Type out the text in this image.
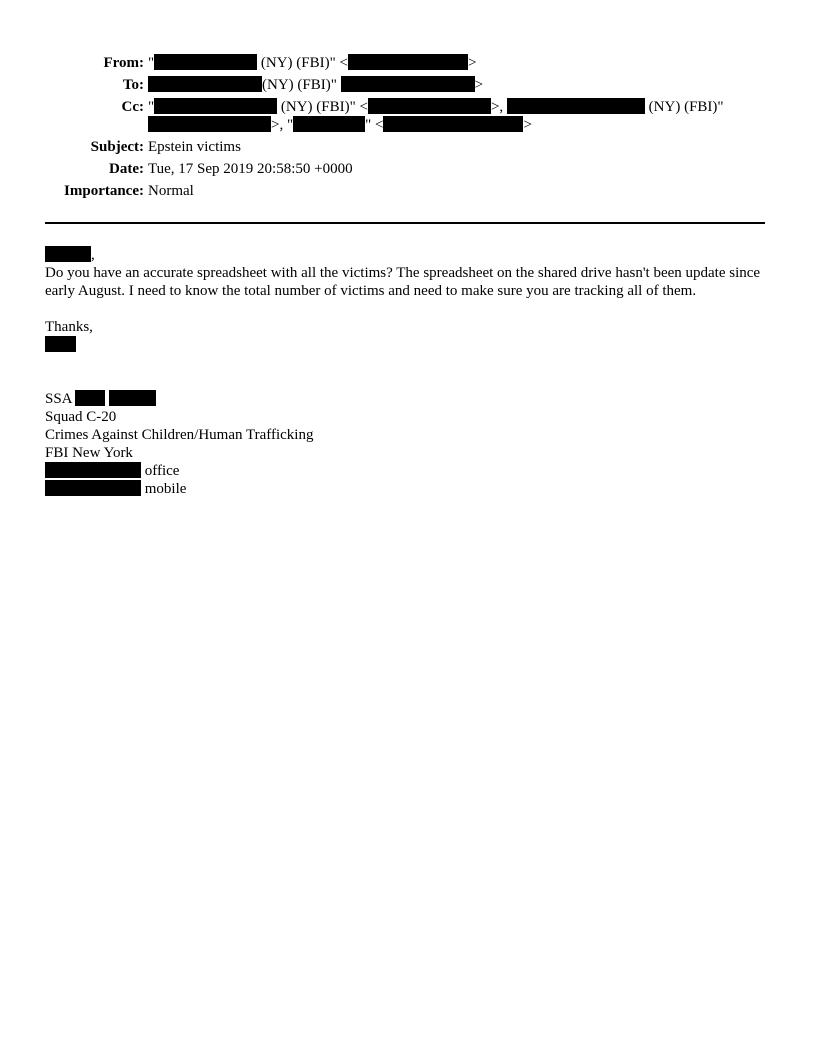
From: "	(NY) (FBI)" <	>
To:	(NY) (FBI)"	>
Cc: "	(NY) (FBI)" <	>,	(NY) (FBI)"
>, "	" <	>
Subject: Epstein victims
Date: Tue, 17 Sep 2019 20:58:50 +0000
Importance: Normal
,
Do you have an accurate spreadsheet with all the victims? The spreadsheet on the shared drive hasn't been update since early August. I need to know the total number of victims and need to make sure you are tracking all of them.
Thanks,
SSA
Squad C-20
Crimes Against Children/Human Trafficking
FBI New York
office
mobile
